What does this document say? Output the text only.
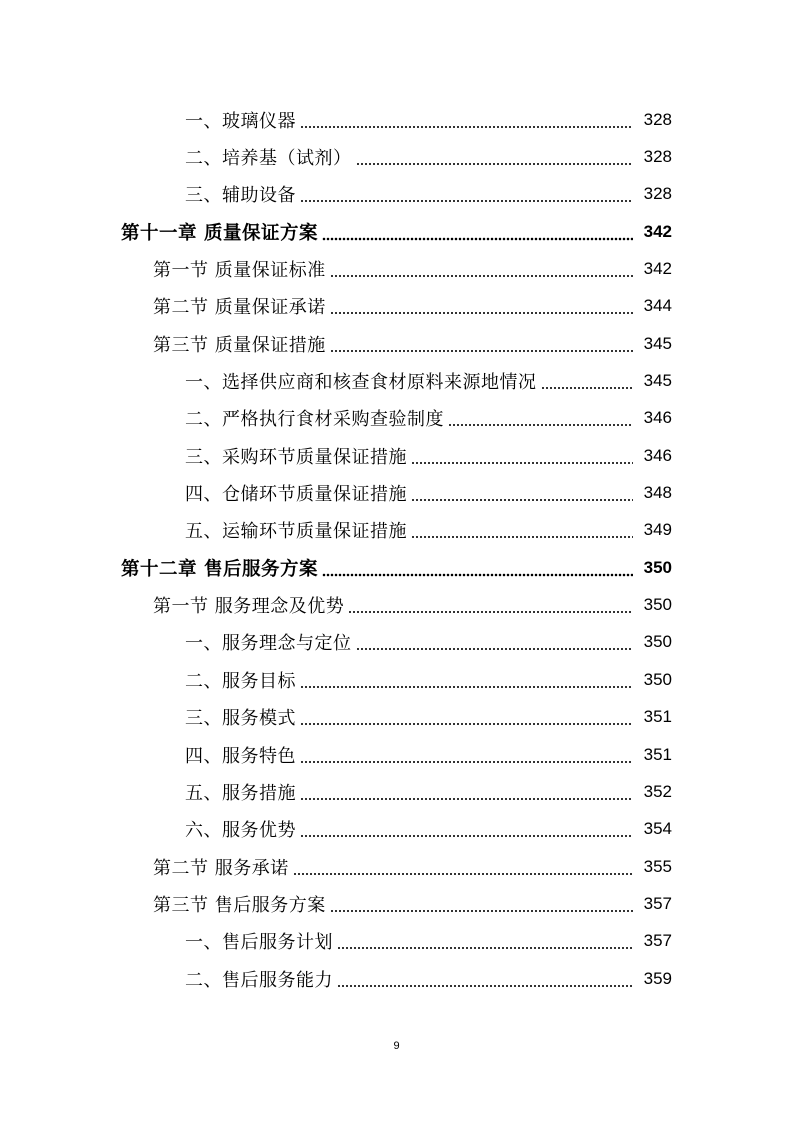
一、玻璃仪器	328
二、培养基（试剂）	328
三、辅助设备	328
第十一章 质量保证方案	342
第一节 质量保证标准	342
第二节 质量保证承诺	344
第三节 质量保证措施	345
一、选择供应商和核查食材原料来源地情况	345
二、严格执行食材采购查验制度	346
三、采购环节质量保证措施	346
四、仓储环节质量保证措施	348
五、运输环节质量保证措施	349
第十二章 售后服务方案	350
第一节 服务理念及优势	350
一、服务理念与定位	350
二、服务目标	350
三、服务模式	351
四、服务特色	351
五、服务措施	352
六、服务优势	354
第二节 服务承诺	355
第三节 售后服务方案	357
一、售后服务计划	357
二、售后服务能力	359
9
